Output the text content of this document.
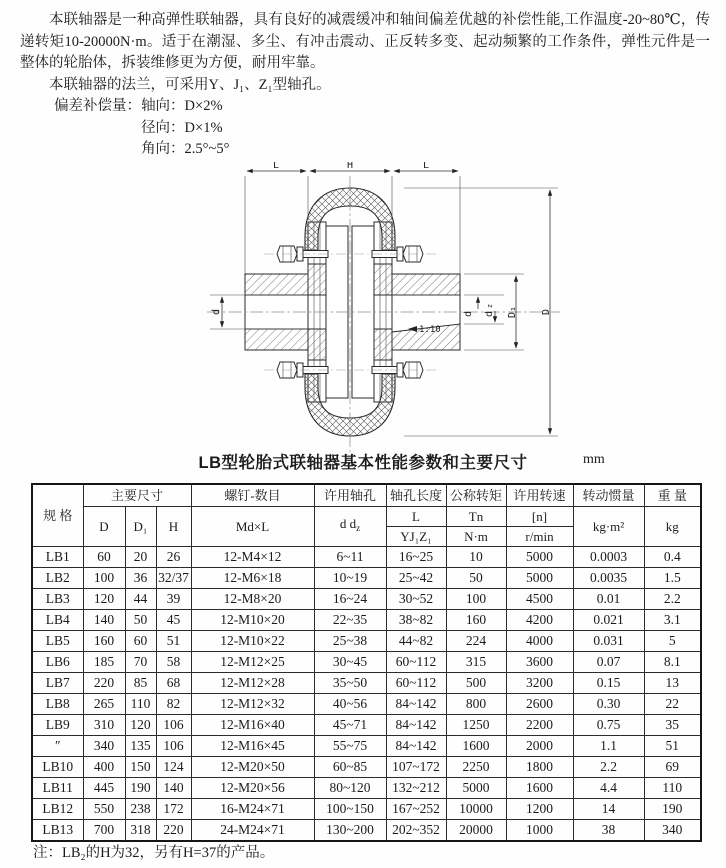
本联轴器是一种高弹性联轴器，具有良好的减震缓冲和轴间偏差优越的补偿性能,工作温度-20~80℃，传递转矩10-20000N·m。适于在潮湿、多尘、有冲击震动、正反转多变、起动频繁的工作条件，弹性元件是一整体的轮胎体，拆装维修更为方便，耐用牢靠。

本联轴器的法兰，可采用Y、J₁、Z₁型轴孔。

偏差补偿量： 轴向：D×2%
径向：D×1%
角向：2.5°~5°
L	H	L
d	d d
z
1:10
D₁ D
LB型轮胎式联轴器基本性能参数和主要尺寸	mm
规 格	主要尺寸			螺钉-数目	许用轴孔	轴孔长度	公称转矩	许用转速	转动惯量	重 量
	D	D₁	H	Md×L	d $d_z$	L	Tn	[n]	kg·m²	kg
						YJ₁Z₁	N·m	r/min		
LB1	60	20	26	12-M4×12	6~11	16~25	10	5000	0.0003	0.4
LB2	100	36	32/37	12-M6×18	10~19	25~42	50	5000	0.0035	1.5
LB3	120	44	39	12-M8×20	16~24	30~52	100	4500	0.01	2.2
LB4	140	50	45	12-M10×20	22~35	38~82	160	4200	0.021	3.1
LB5	160	60	51	12-M10×22	25~38	44~82	224	4000	0.031	5
LB6	185	70	58	12-M12×25	30~45	60~112	315	3600	0.07	8.1
LB7	220	85	68	12-M12×28	35~50	60~112	500	3200	0.15	13
LB8	265	110	82	12-M12×32	40~56	84~142	800	2600	0.30	22
LB9	310	120	106	12-M16×40	45~71	84~142	1250	2200	0.75	35
″	340	135	106	12-M16×45	55~75	84~142	1600	2000	1.1	51
LB10	400	150	124	12-M20×50	60~85	107~172	2250	1800	2.2	69
LB11	445	190	140	12-M20×56	80~120	132~212	5000	1600	4.4	110
LB12	550	238	172	16-M24×71	100~150	167~252	10000	1200	14	190
LB13	700	318	220	24-M24×71	130~200	202~352	20000	1000	38	340
注：LB₂的H为32，另有H=37的产品。
